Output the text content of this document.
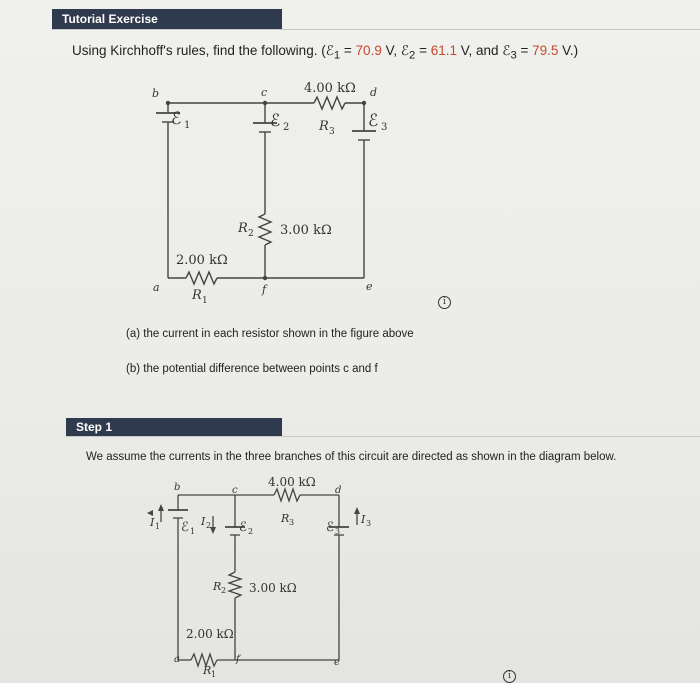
Tutorial Exercise
Using Kirchhoff's rules, find the following. (ℰ$_1$ = 70.9 V, ℰ$_2$ = 61.1 V, and ℰ$_3$ = 79.5 V.)
b	c	d
a	f	e
ℰ 1	ℰ 2	ℰ 3
4.00 kΩ
R 3
3.00 kΩ
R 2
2.00 kΩ
R 1	i
(a) the current in each resistor shown in the figure above
(b) the potential difference between points c and f
Step 1
We assume the currents in the three branches of this circuit are directed as shown in the diagram below.
b	c	d
a	f	e
4.00 kΩ
R 3
3.00 kΩ
R 2
2.00 kΩ
R 1
ℰ 1	ℰ 2	ℰ 3
I 1	I 2	I 3
i
